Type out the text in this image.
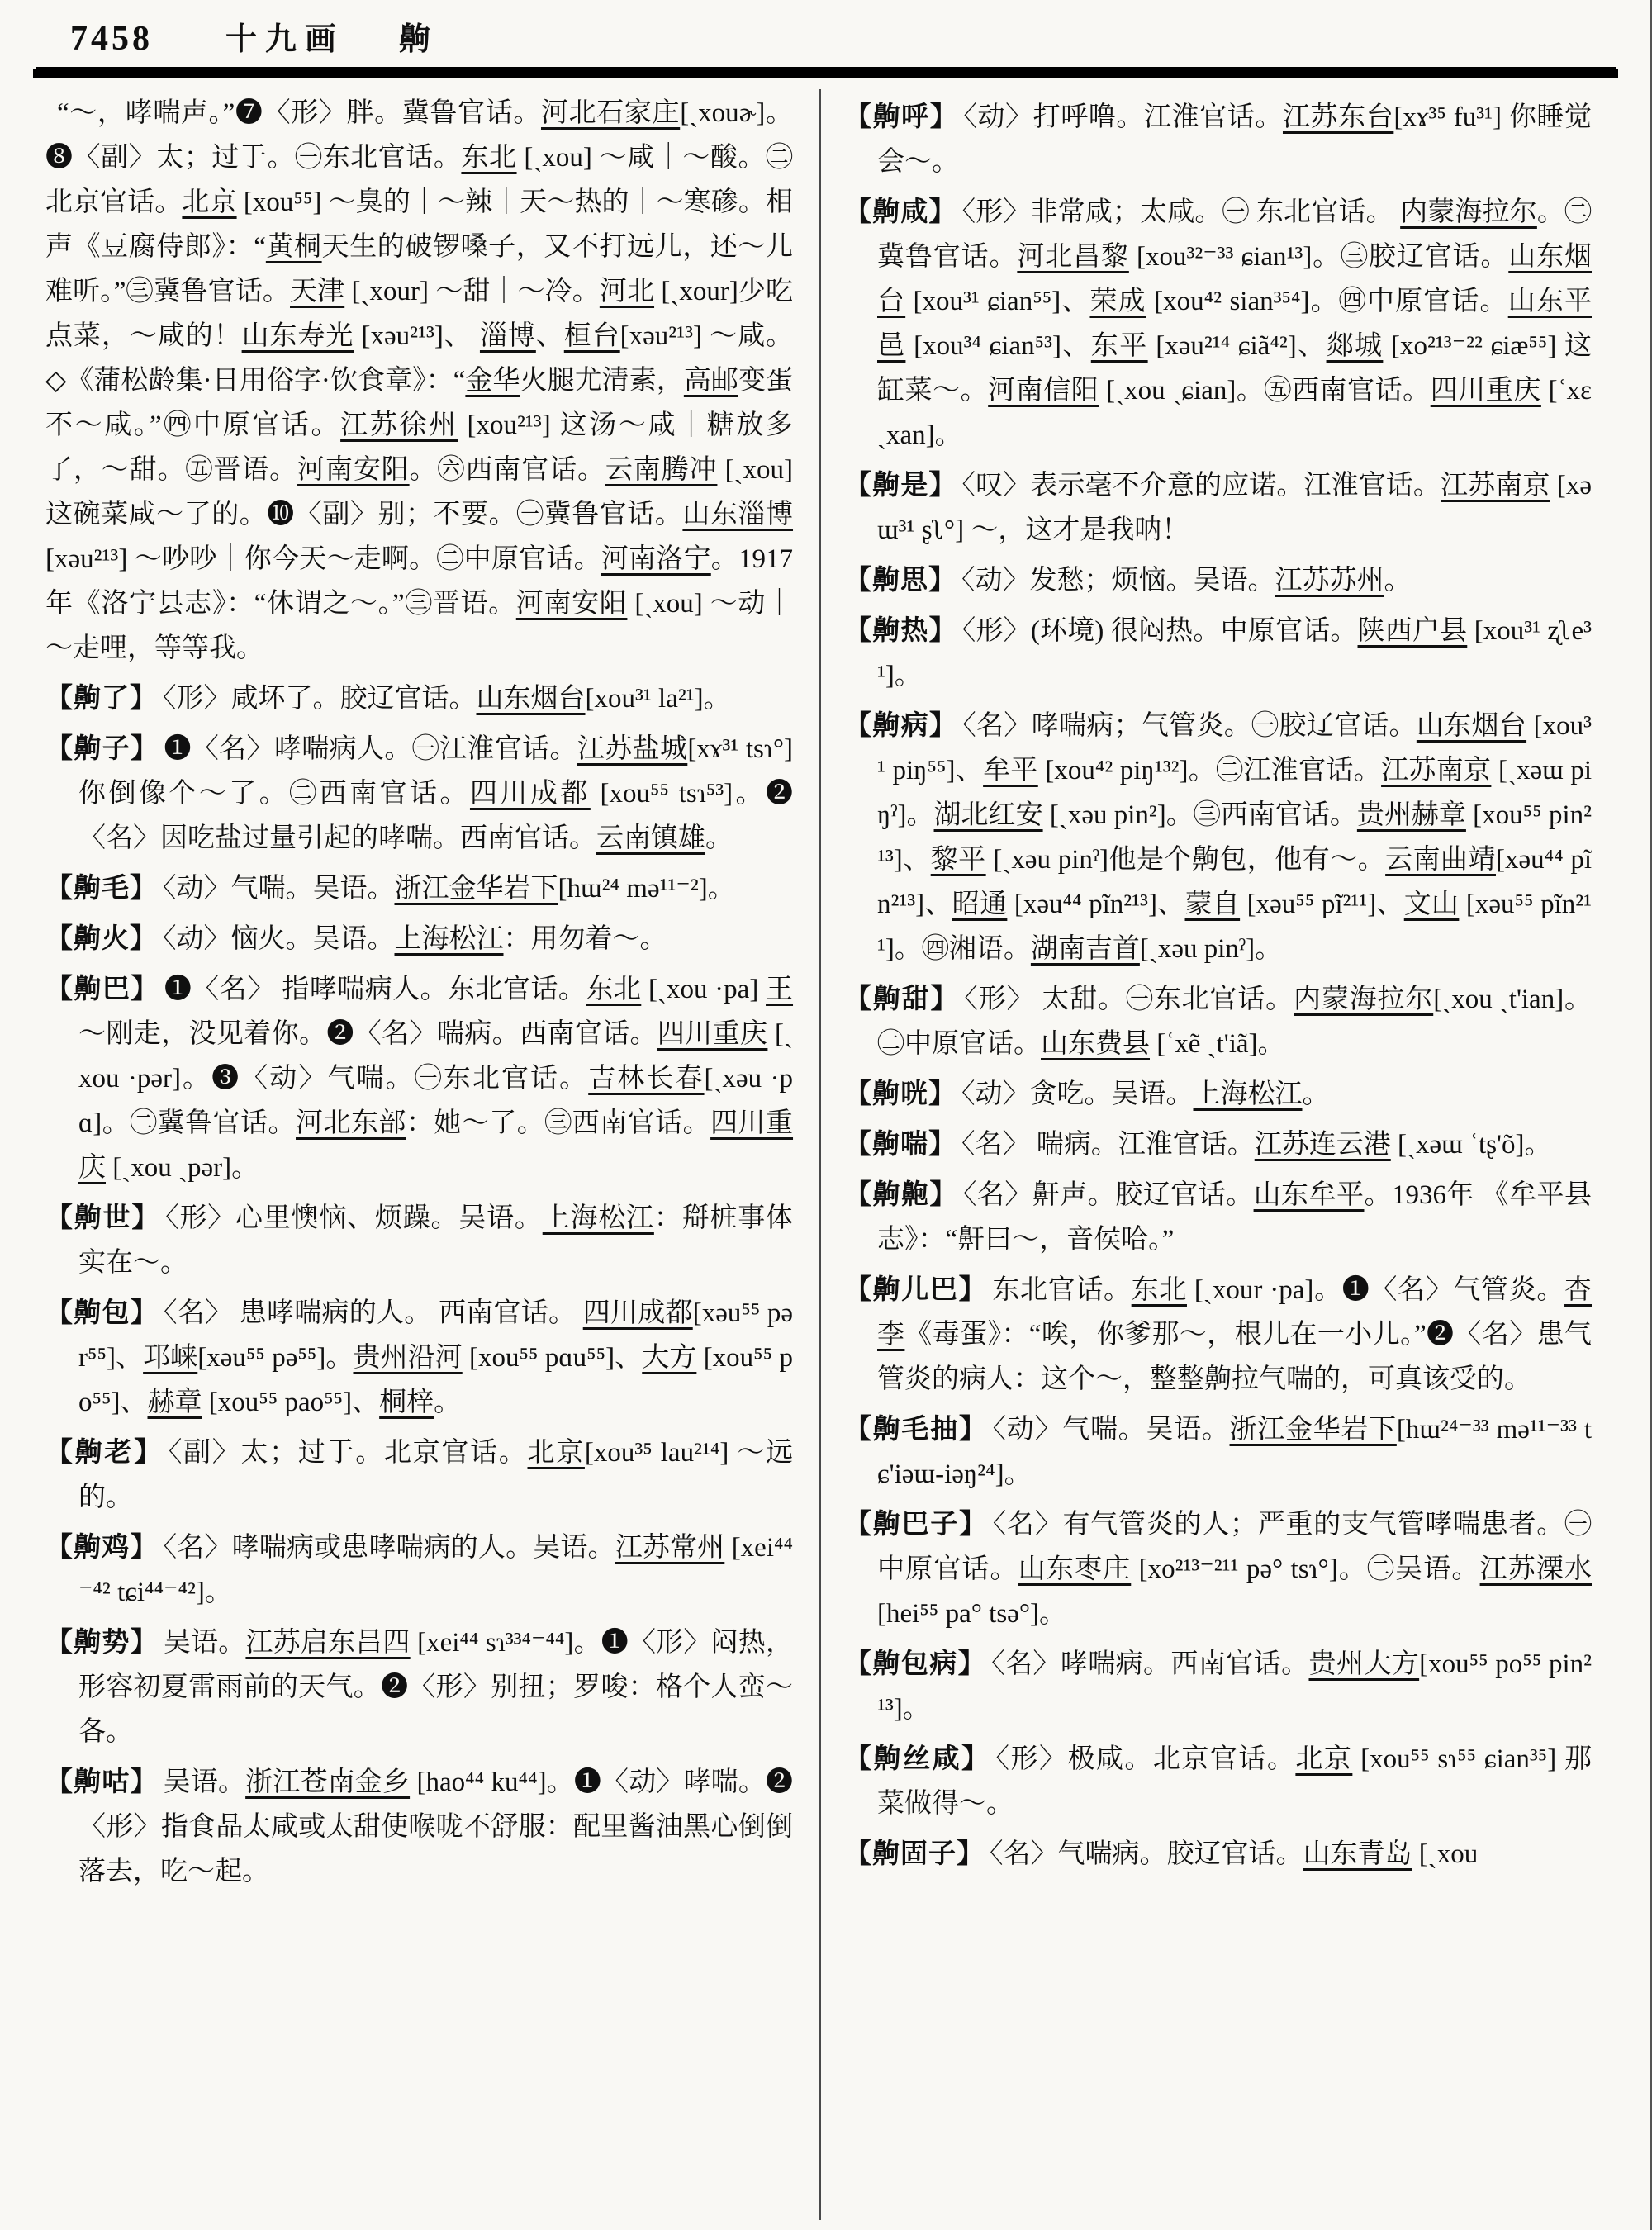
7458 十九画 齁

“～，哮喘声。”❼〈形〉胖。冀鲁官话。河北石家庄[ˏxouɚ]。❽〈副〉太；过于。㊀东北官话。东北 [ˏxou] ～咸｜～酸。㊁北京官话。北京 [xou⁵⁵] ～臭的｜～辣｜天～热的｜～寒碜。相声《豆腐侍郎》：“黄桐天生的破锣嗓子，又不打远儿，还～儿难听。”㊂冀鲁官话。天津 [ˏxour] ～甜｜～冷。河北 [ˏxour]少吃点菜，～咸的！山东寿光 [xəu²¹³]、 淄博、桓台[xəu²¹³] ～咸。◇《蒲松龄集·日用俗字·饮食章》：“金华火腿尤清素，高邮变蛋不～咸。”㊃中原官话。江苏徐州 [xou²¹³] 这汤～咸｜糖放多了，～甜。㊄晋语。河南安阳。㊅西南官话。云南腾冲 [ˏxou] 这碗菜咸～了的。❿〈副〉别；不要。㊀冀鲁官话。山东淄博 [xəu²¹³] ～吵吵｜你今天～走啊。㊁中原官话。河南洛宁。1917年《洛宁县志》：“休谓之～。”㊂晋语。河南安阳 [ˏxou] ～动｜～走哩，等等我。

【齁了】 〈形〉咸坏了。胶辽官话。山东烟台[xou³¹ la²¹]。

【齁子】 ❶〈名〉哮喘病人。㊀江淮官话。江苏盐城[xɤ³¹ tsɿ°] 你倒像个～了。㊁西南官话。四川成都 [xou⁵⁵ tsɿ⁵³]。❷〈名〉因吃盐过量引起的哮喘。西南官话。云南镇雄。

【齁毛】 〈动〉气喘。吴语。浙江金华岩下[hɯ²⁴ mə¹¹⁻²]。

【齁火】 〈动〉恼火。吴语。上海松江：用勿着～。

【齁巴】 ❶〈名〉 指哮喘病人。东北官话。东北 [ˏxou ·pa] 王～刚走，没见着你。❷〈名〉喘病。西南官话。四川重庆 [ˏxou ·pər]。❸〈动〉气喘。㊀东北官话。吉林长春[ˏxəu ·pɑ]。㊁冀鲁官话。河北东部：她～了。㊂西南官话。四川重庆 [ˏxou ˏpər]。

【齁世】 〈形〉心里懊恼、烦躁。吴语。上海松江：搿桩事体实在～。

【齁包】 〈名〉 患哮喘病的人。 西南官话。 四川成都[xəu⁵⁵ pər⁵⁵]、邛崃[xəu⁵⁵ pə⁵⁵]。贵州沿河 [xou⁵⁵ pɑu⁵⁵]、大方 [xou⁵⁵ po⁵⁵]、赫章 [xou⁵⁵ pao⁵⁵]、桐梓。

【齁老】 〈副〉太；过于。北京官话。北京[xou³⁵ lau²¹⁴] ～远的。

【齁鸡】 〈名〉哮喘病或患哮喘病的人。吴语。江苏常州 [xei⁴⁴⁻⁴² tɕi⁴⁴⁻⁴²]。

【齁势】 吴语。江苏启东吕四 [xei⁴⁴ sɿ³³⁴⁻⁴⁴]。❶〈形〉闷热，形容初夏雷雨前的天气。❷〈形〉别扭；罗唆：格个人蛮～各。

【齁咕】 吴语。浙江苍南金乡 [hao⁴⁴ ku⁴⁴]。❶〈动〉哮喘。❷〈形〉指食品太咸或太甜使喉咙不舒服：配里酱油黑心倒倒落去，吃～起。

【齁呼】 〈动〉打呼噜。江淮官话。江苏东台[xɤ³⁵ fu³¹] 你睡觉会～。

【齁咸】 〈形〉非常咸；太咸。㊀ 东北官话。 内蒙海拉尔。㊁冀鲁官话。河北昌黎 [xou³²⁻³³ ɕian¹³]。㊂胶辽官话。山东烟台 [xou³¹ ɕian⁵⁵]、荣成 [xou⁴² sian³⁵⁴]。㊃中原官话。山东平邑 [xou³⁴ ɕian⁵³]、东平 [xəu²¹⁴ ɕiã⁴²]、郯城 [xo²¹³⁻²² ɕiæ⁵⁵] 这缸菜～。河南信阳 [ˏxou ˏɕian]。㊄西南官话。四川重庆 [ʿxɛ ˏxan]。

【齁是】 〈叹〉表示毫不介意的应诺。江淮官话。江苏南京 [xəɯ³¹ ʂʅ°] ～，这才是我呐！

【齁思】 〈动〉发愁；烦恼。吴语。江苏苏州。

【齁热】 〈形〉(环境) 很闷热。中原官话。陕西户县 [xou³¹ ʐʅe³¹]。

【齁病】 〈名〉哮喘病；气管炎。㊀胶辽官话。山东烟台 [xou³¹ piŋ⁵⁵]、牟平 [xou⁴² piŋ¹³²]。㊁江淮官话。江苏南京 [ˏxəɯ piŋˀ]。湖北红安 [ˏxəu pin²]。㊂西南官话。贵州赫章 [xou⁵⁵ pin²¹³]、黎平 [ˏxəu pinˀ]他是个齁包，他有～。云南曲靖[xəu⁴⁴ pĩn²¹³]、昭通 [xəu⁴⁴ pĩn²¹³]、蒙自 [xəu⁵⁵ pĩ²¹¹]、文山 [xəu⁵⁵ pĩn²¹¹]。㊃湘语。湖南吉首[ˏxəu pinˀ]。

【齁甜】 〈形〉 太甜。㊀东北官话。内蒙海拉尔[ˏxou ˏt'ian]。㊁中原官话。山东费县 [ʿxẽ ˏt'iã]。

【齁咣】 〈动〉贪吃。吴语。上海松江。

【齁喘】 〈名〉 喘病。江淮官话。江苏连云港 [ˏxəɯ ʿtʂ'õ]。

【齁䶌】 〈名〉鼾声。胶辽官话。山东牟平。1936年 《牟平县志》：“鼾曰～，音侯哈。”

【齁儿巴】 东北官话。东北 [ˏxour ·pa]。❶〈名〉气管炎。杏李《毒蛋》：“唉，你爹那～，根儿在一小儿。”❷〈名〉患气管炎的病人：这个～，整整齁拉气喘的，可真该受的。

【齁毛抽】 〈动〉气喘。吴语。浙江金华岩下[hɯ²⁴⁻³³ mə¹¹⁻³³ tɕ'iəɯ-iəŋ²⁴]。

【齁巴子】 〈名〉有气管炎的人；严重的支气管哮喘患者。㊀中原官话。山东枣庄 [xo²¹³⁻²¹¹ pə° tsɿ°]。㊁吴语。江苏溧水 [hei⁵⁵ pa° tsə°]。

【齁包病】 〈名〉哮喘病。西南官话。贵州大方[xou⁵⁵ po⁵⁵ pin²¹³]。

【齁丝咸】 〈形〉极咸。北京官话。北京 [xou⁵⁵ sɿ⁵⁵ ɕian³⁵] 那菜做得～。

【齁固子】 〈名〉气喘病。胶辽官话。山东青岛 [ˏxou
